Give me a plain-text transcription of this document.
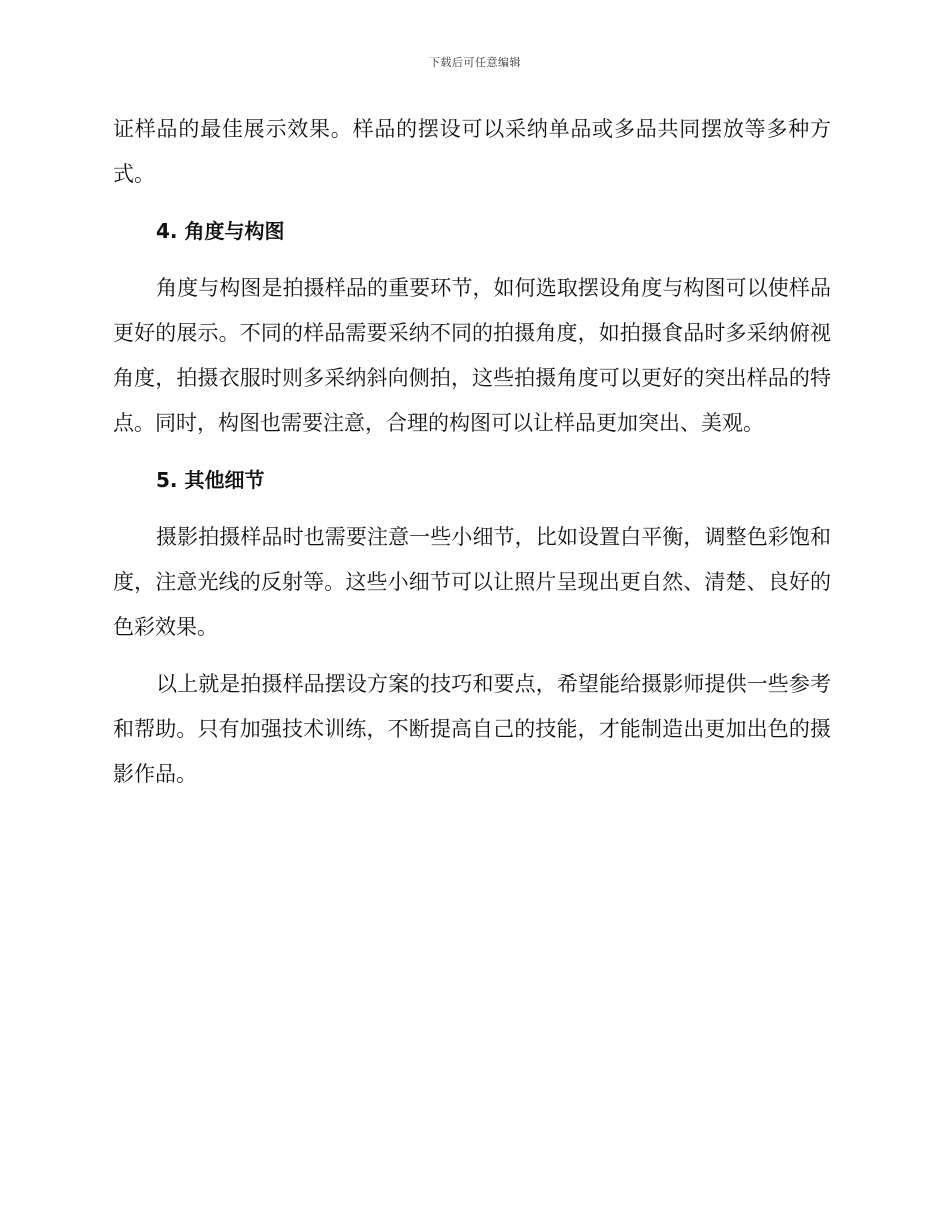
下载后可任意编辑

证样品的最佳展示效果。样品的摆设可以采纳单品或多品共同摆放等多种方式。

4. 角度与构图

角度与构图是拍摄样品的重要环节，如何选取摆设角度与构图可以使样品更好的展示。不同的样品需要采纳不同的拍摄角度，如拍摄食品时多采纳俯视角度，拍摄衣服时则多采纳斜向侧拍，这些拍摄角度可以更好的突出样品的特点。同时，构图也需要注意，合理的构图可以让样品更加突出、美观。

5. 其他细节

摄影拍摄样品时也需要注意一些小细节，比如设置白平衡，调整色彩饱和度，注意光线的反射等。这些小细节可以让照片呈现出更自然、清楚、良好的色彩效果。

以上就是拍摄样品摆设方案的技巧和要点，希望能给摄影师提供一些参考和帮助。只有加强技术训练，不断提高自己的技能，才能制造出更加出色的摄影作品。
